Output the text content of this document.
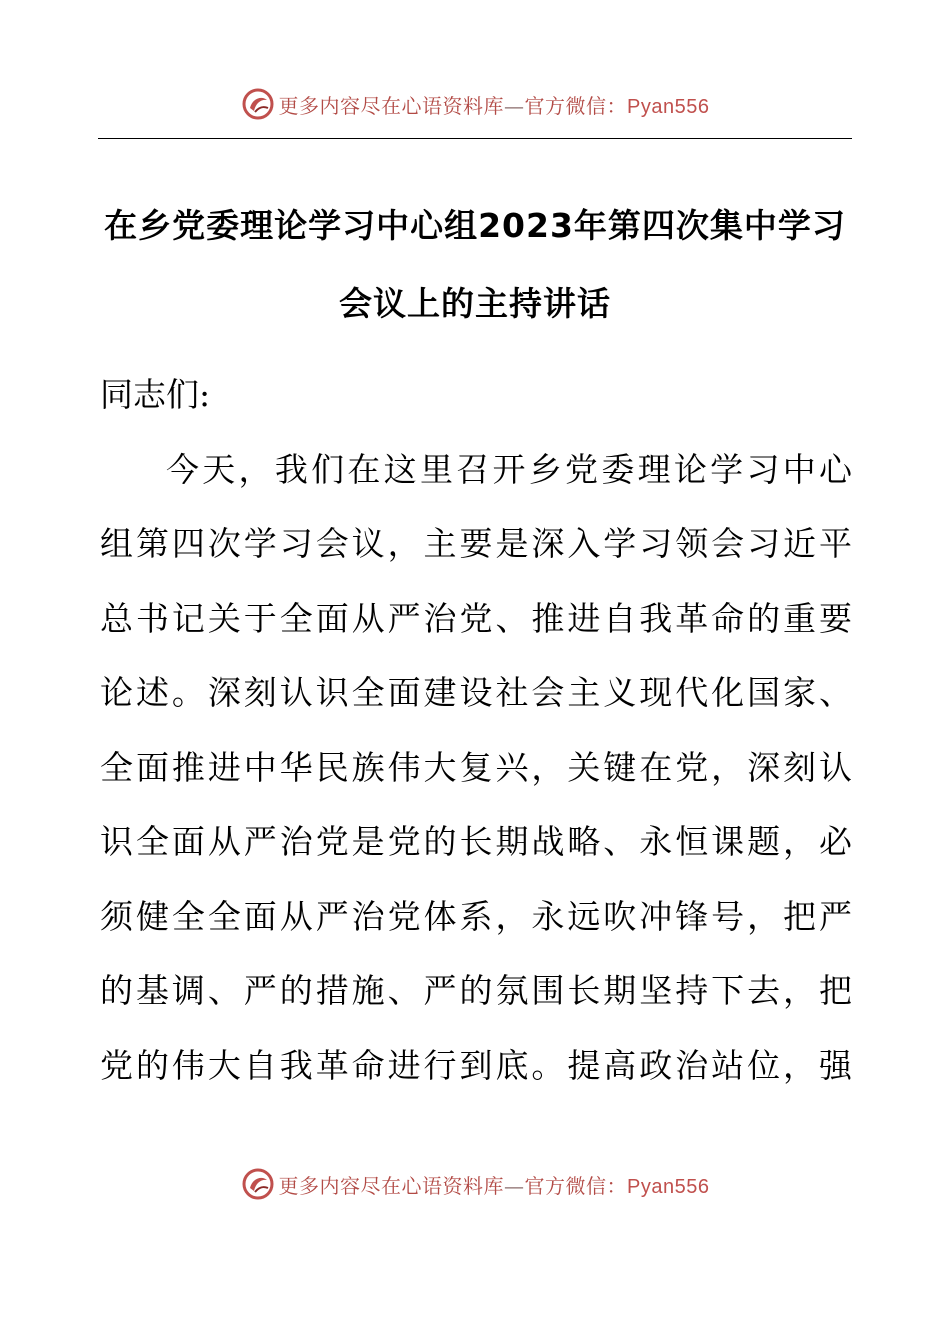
更多内容尽在心语资料库—官方微信：Pyan556
在乡党委理论学习中心组2023年第四次集中学习
会议上的主持讲话
同志们:
今天，我们在这里召开乡党委理论学习中心
组第四次学习会议，主要是深入学习领会习近平
总书记关于全面从严治党、推进自我革命的重要
论述。深刻认识全面建设社会主义现代化国家、
全面推进中华民族伟大复兴，关键在党，深刻认
识全面从严治党是党的长期战略、永恒课题，必
须健全全面从严治党体系，永远吹冲锋号，把严
的基调、严的措施、严的氛围长期坚持下去，把
党的伟大自我革命进行到底。提高政治站位，强
更多内容尽在心语资料库—官方微信：Pyan556
